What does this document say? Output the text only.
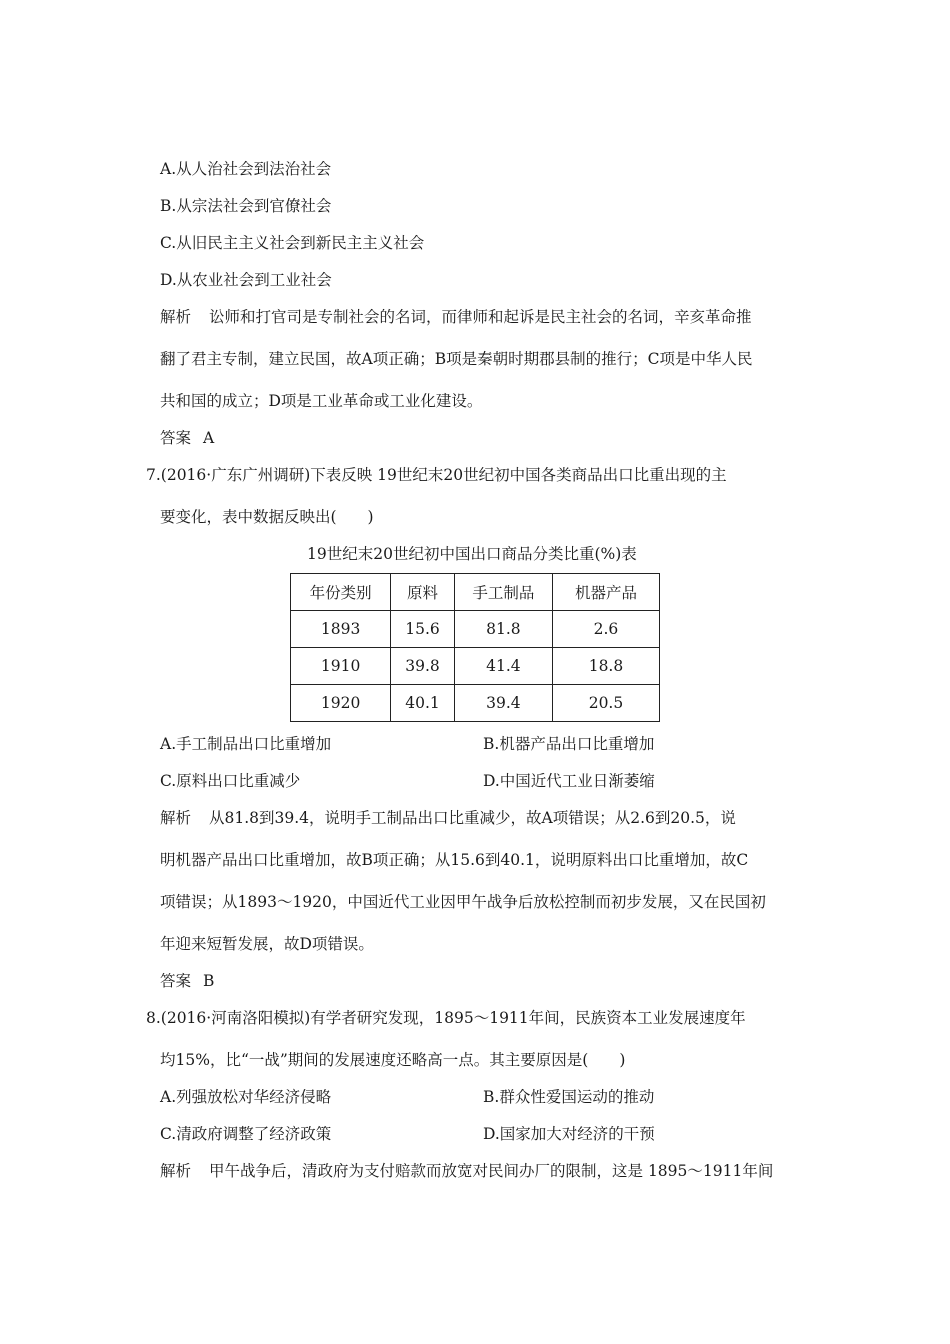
A.从人治社会到法治社会
B.从宗法社会到官僚社会
C.从旧民主主义社会到新民主主义社会
D.从农业社会到工业社会
解析 讼师和打官司是专制社会的名词，而律师和起诉是民主社会的名词，辛亥革命推
翻了君主专制，建立民国，故A项正确；B项是秦朝时期郡县制的推行；C项是中华人民
共和国的成立；D项是工业革命或工业化建设。
答案 A
7.(2016·广东广州调研)下表反映 19世纪末20世纪初中国各类商品出口比重出现的主
要变化，表中数据反映出(　　)
19世纪末20世纪初中国出口商品分类比重(%)表
年份类别	原料	手工制品	机器产品
1893	15.6	81.8	2.6
1910	39.8	41.4	18.8
1920	40.1	39.4	20.5
A.手工制品出口比重增加	B.机器产品出口比重增加
C.原料出口比重减少	D.中国近代工业日渐萎缩
解析 从81.8到39.4，说明手工制品出口比重减少，故A项错误；从2.6到20.5，说
明机器产品出口比重增加，故B项正确；从15.6到40.1，说明原料出口比重增加，故C
项错误；从1893～1920，中国近代工业因甲午战争后放松控制而初步发展，又在民国初
年迎来短暂发展，故D项错误。
答案 B
8.(2016·河南洛阳模拟)有学者研究发现，1895～1911年间，民族资本工业发展速度年
均15%，比“一战”期间的发展速度还略高一点。其主要原因是(　　)
A.列强放松对华经济侵略	B.群众性爱国运动的推动
C.清政府调整了经济政策	D.国家加大对经济的干预
解析 甲午战争后，清政府为支付赔款而放宽对民间办厂的限制，这是 1895～1911年间
